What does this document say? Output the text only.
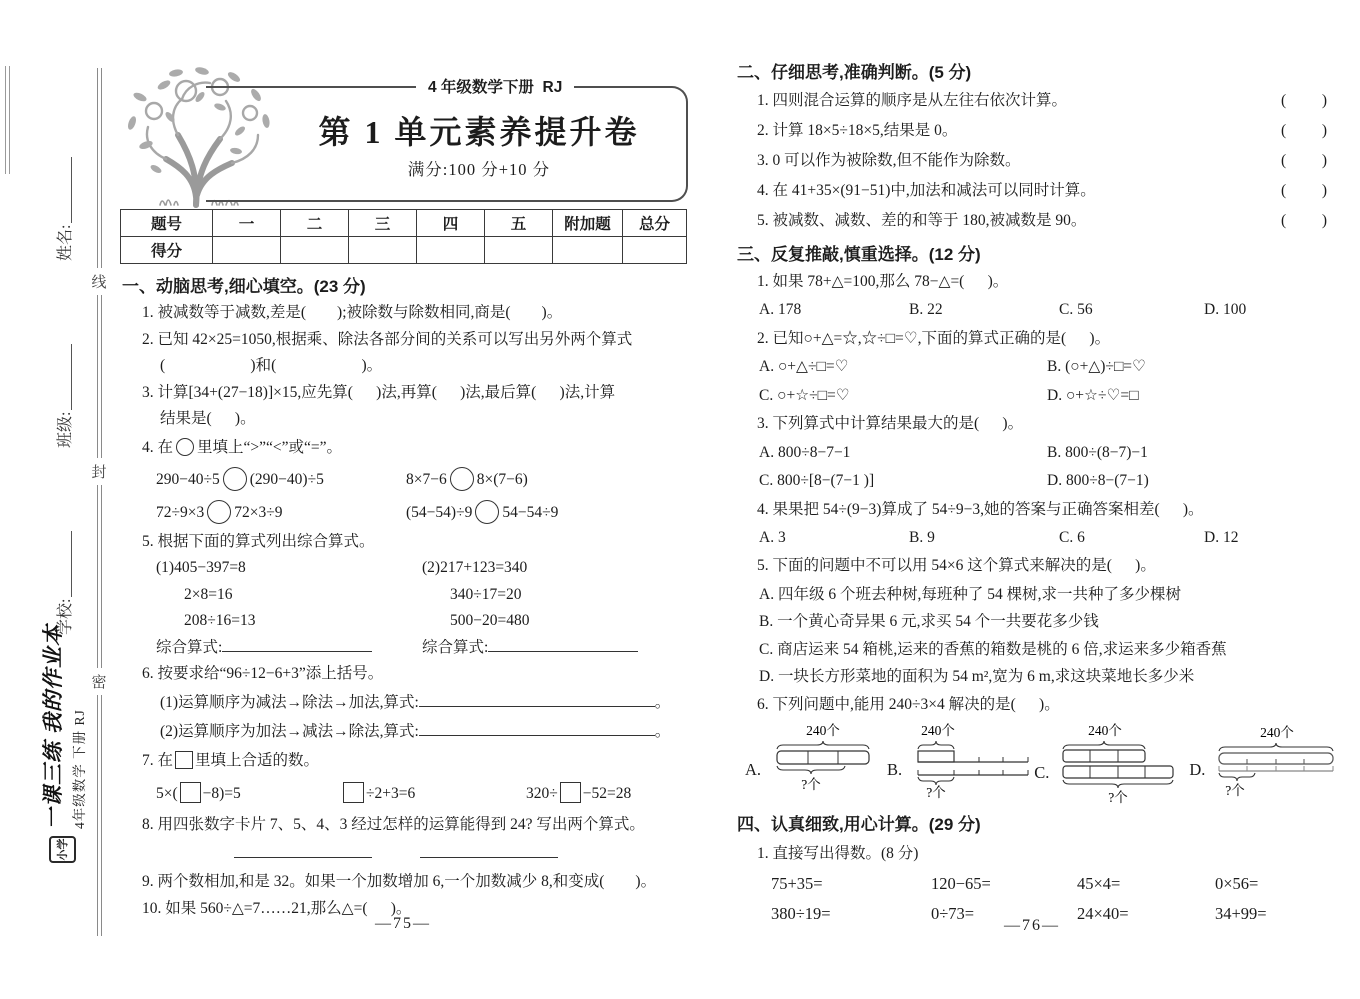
线
封
密
姓名:
班级:
学校:
小学
一课三练 我的作业本 4年级数学 下册 RJ
4 年级数学下册  RJ
第 1 单元素养提升卷
满分:100 分+10 分
题号	一	二	三	四	五	附加题	总分
得分							
一、动脑思考,细心填空。(23 分)
1. 被减数等于减数,差是(        );被除数与除数相同,商是(        )。
2. 已知 42×25=1050,根据乘、除法各部分间的关系可以写出另外两个算式
(                      )和(                      )。
3. 计算[34+(27−18)]×15,应先算(      )法,再算(      )法,最后算(      )法,计算
结果是(      )。
4. 在 里填上“>”“<”或“=”。
290−40÷5 (290−40)÷5	8×7−6 8×(7−6)
72÷9×3 72×3÷9	(54−54)÷9 54−54÷9
5. 根据下面的算式列出综合算式。
(1)405−397=8
2×8=16
208÷16=13
(2)217+123=340
340÷17=20
500−20=480
综合算式:	综合算式:
6. 按要求给“96÷12−6+3”添上括号。
(1)运算顺序为减法→除法→加法,算式:	。
(2)运算顺序为加法→减法→除法,算式:	。
7. 在 里填上合适的数。
5×( −8)=5	÷2+3=6	320÷ −52=28
8. 用四张数字卡片 7、5、4、3 经过怎样的运算能得到 24? 写出两个算式。
9. 两个数相加,和是 32。如果一个加数增加 6,一个加数减少 8,和变成(        )。
10. 如果 560÷△=7……21,那么△=(      )。
—75—
二、仔细思考,准确判断。(5 分)
1. 四则混合运算的顺序是从左往右依次计算。	( )
2. 计算 18×5÷18×5,结果是 0。	( )
3. 0 可以作为被除数,但不能作为除数。	( )
4. 在 41+35×(91−51)中,加法和减法可以同时计算。	( )
5. 被减数、减数、差的和等于 180,被减数是 90。	( )
三、反复推敲,慎重选择。(12 分)
1. 如果 78+△=100,那么 78−△=(      )。
A. 178	B. 22	C. 56	D. 100
2. 已知○+△=☆,☆÷□=♡,下面的算式正确的是(      )。
A. ○+△÷□=♡	B. (○+△)÷□=♡
C. ○+☆÷□=♡	D. ○+☆÷♡=□
3. 下列算式中计算结果最大的是(      )。
A. 800÷8−7−1	B. 800÷(8−7)−1
C. 800÷[8−(7−1 )]	D. 800÷8−(7−1)
4. 果果把 54÷(9−3)算成了 54÷9−3,她的答案与正确答案相差(      )。
A. 3	B. 9	C. 6	D. 12
5. 下面的问题中不可以用 54×6 这个算式来解决的是(      )。
A. 四年级 6 个班去种树,每班种了 54 棵树,求一共种了多少棵树
B. 一个黄心奇异果 6 元,求买 54 个一共要花多少钱
C. 商店运来 54 箱桃,运来的香蕉的箱数是桃的 6 倍,求运来多少箱香蕉
D. 一块长方形菜地的面积为 54 m²,宽为 6 m,求这块菜地长多少米
6. 下列问题中,能用 240÷3×4 解决的是(      )。
A.
240个
?个
B.
240个
?个
C.
240个
?个
D.
240个
?个
四、认真细致,用心计算。(29 分)
1. 直接写出得数。(8 分)
75+35=	120−65=	45×4=	0×56=
380÷19=	0÷73=	24×40=	34+99=
—76—
